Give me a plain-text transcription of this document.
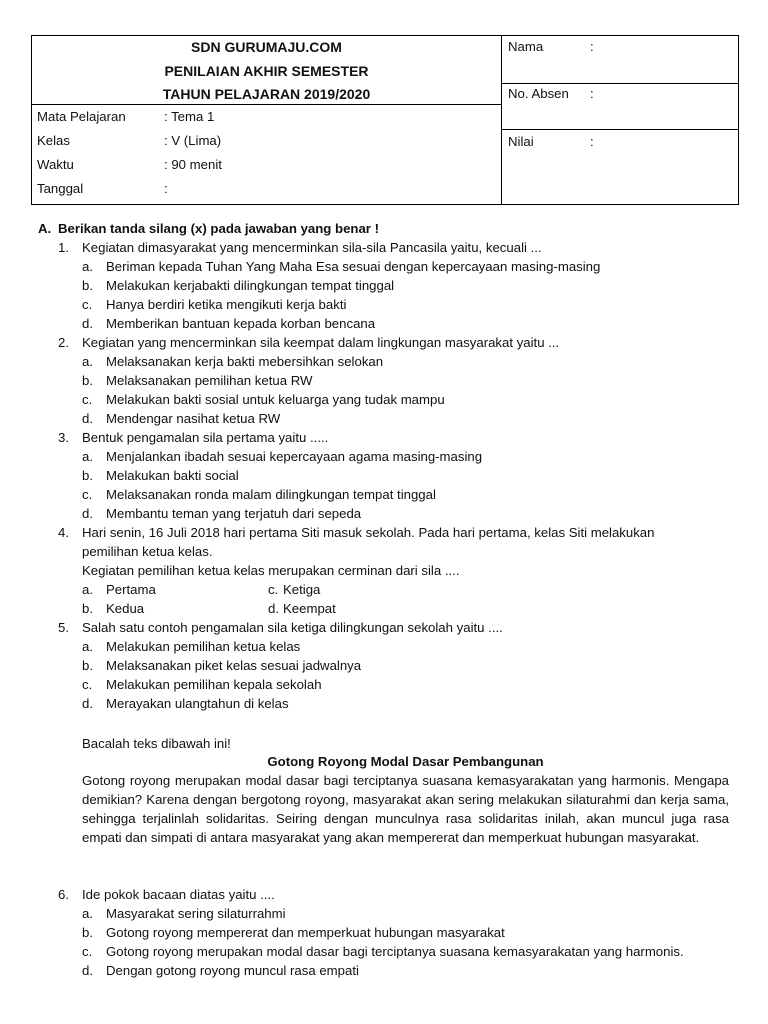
SDN GURUMAJU.COM
PENILAIAN AKHIR SEMESTER
TAHUN PELAJARAN 2019/2020
Mata Pelajaran	: Tema 1
Kelas	: V (Lima)
Waktu	: 90 menit
Tanggal	:
Nama	:
No. Absen :
Nilai	:
A. Berikan tanda silang (x) pada jawaban yang benar !
1. Kegiatan dimasyarakat yang mencerminkan sila-sila Pancasila yaitu, kecuali ...
a. Beriman kepada Tuhan Yang Maha Esa sesuai dengan kepercayaan masing-masing
b. Melakukan kerjabakti dilingkungan tempat tinggal
c. Hanya berdiri ketika mengikuti kerja bakti
d. Memberikan bantuan kepada korban bencana
2. Kegiatan yang mencerminkan sila keempat dalam lingkungan masyarakat yaitu ...
a. Melaksanakan kerja bakti mebersihkan selokan
b. Melaksanakan pemilihan ketua RW
c. Melakukan bakti sosial untuk keluarga yang tudak mampu
d. Mendengar nasihat ketua RW
3. Bentuk pengamalan sila pertama yaitu .....
a. Menjalankan ibadah sesuai kepercayaan agama masing-masing
b. Melakukan bakti social
c. Melaksanakan ronda malam dilingkungan tempat tinggal
d. Membantu teman yang terjatuh dari sepeda
4. Hari senin, 16 Juli 2018 hari pertama Siti masuk sekolah. Pada hari pertama, kelas Siti melakukan
pemilihan ketua kelas.
Kegiatan pemilihan ketua kelas merupakan cerminan dari sila ....
a. Pertama	c. Ketiga
b. Kedua	d. Keempat
5. Salah satu contoh pengamalan sila ketiga dilingkungan sekolah yaitu ....
a. Melakukan pemilihan ketua kelas
b. Melaksanakan piket kelas sesuai jadwalnya
c. Melakukan pemilihan kepala sekolah
d. Merayakan ulangtahun di kelas
Bacalah teks dibawah ini!
Gotong Royong Modal Dasar Pembangunan
Gotong royong merupakan modal dasar bagi terciptanya suasana kemasyarakatan yang harmonis. Mengapa demikian? Karena dengan bergotong royong, masyarakat akan sering melakukan silaturahmi dan kerja sama, sehingga terjalinlah solidaritas. Seiring dengan munculnya rasa solidaritas inilah, akan muncul juga rasa empati dan simpati di antara masyarakat yang akan mempererat dan memperkuat hubungan masyarakat.
6. Ide pokok bacaan diatas yaitu ....
a. Masyarakat sering silaturrahmi
b. Gotong royong mempererat dan memperkuat hubungan masyarakat
c. Gotong royong merupakan modal dasar bagi terciptanya suasana kemasyarakatan yang harmonis.
d. Dengan gotong royong muncul rasa empati
